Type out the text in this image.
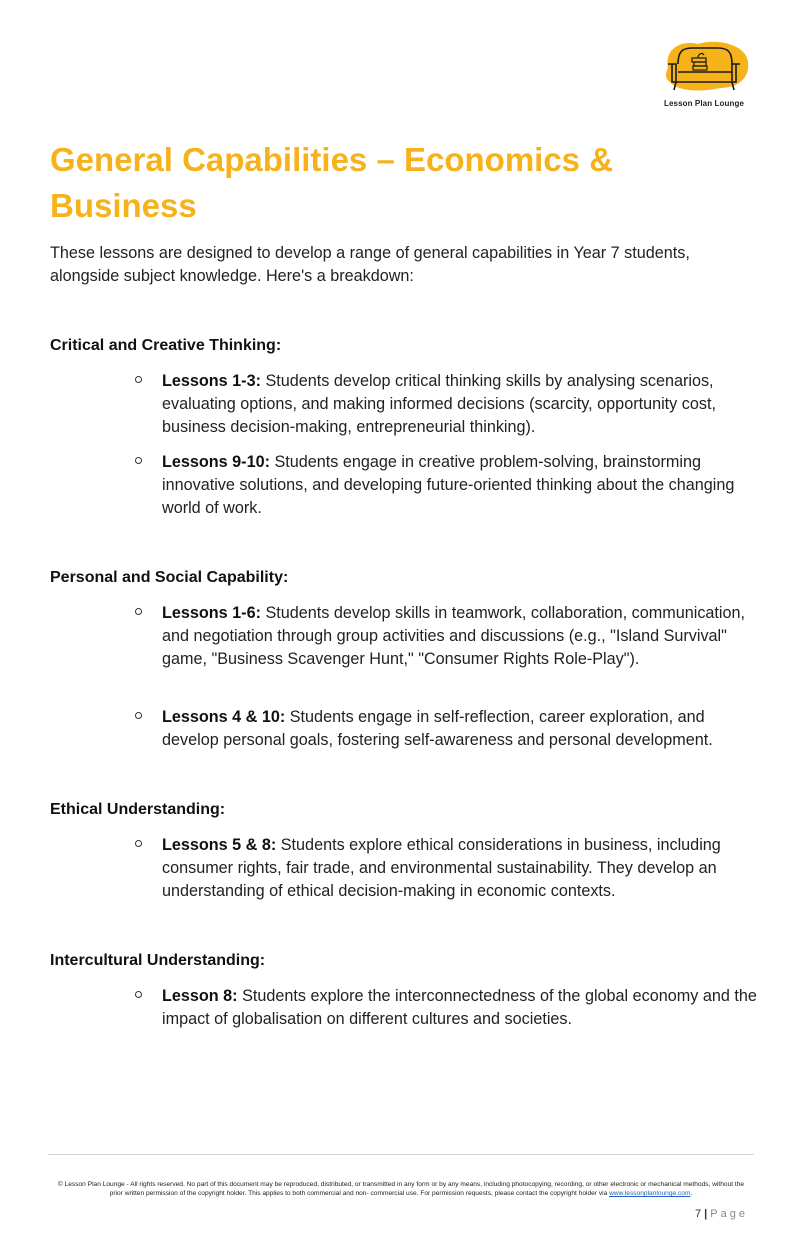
Lesson Plan Lounge
General Capabilities – Economics & Business

These lessons are designed to develop a range of general capabilities in Year 7 students, alongside subject knowledge. Here's a breakdown:

Critical and Creative Thinking:

Lessons 1-3: Students develop critical thinking skills by analysing scenarios, evaluating options, and making informed decisions (scarcity, opportunity cost, business decision-making, entrepreneurial thinking).

Lessons 9-10: Students engage in creative problem-solving, brainstorming innovative solutions, and developing future-oriented thinking about the changing world of work.

Personal and Social Capability:

Lessons 1-6: Students develop skills in teamwork, collaboration, communication, and negotiation through group activities and discussions (e.g., "Island Survival" game, "Business Scavenger Hunt," "Consumer Rights Role-Play").

Lessons 4 & 10: Students engage in self-reflection, career exploration, and develop personal goals, fostering self-awareness and personal development.

Ethical Understanding:

Lessons 5 & 8: Students explore ethical considerations in business, including consumer rights, fair trade, and environmental sustainability. They develop an understanding of ethical decision-making in economic contexts.

Intercultural Understanding:

Lesson 8: Students explore the interconnectedness of the global economy and the impact of globalisation on different cultures and societies.

© Lesson Plan Lounge - All rights reserved. No part of this document may be reproduced, distributed, or transmitted in any form or by any means, including photocopying, recording, or other electronic or mechanical methods, without the prior written permission of the copyright holder. This applies to both commercial and non- commercial use. For permission requests, please contact the copyright holder via www.lessonplanlounge.com.
7 | Page
